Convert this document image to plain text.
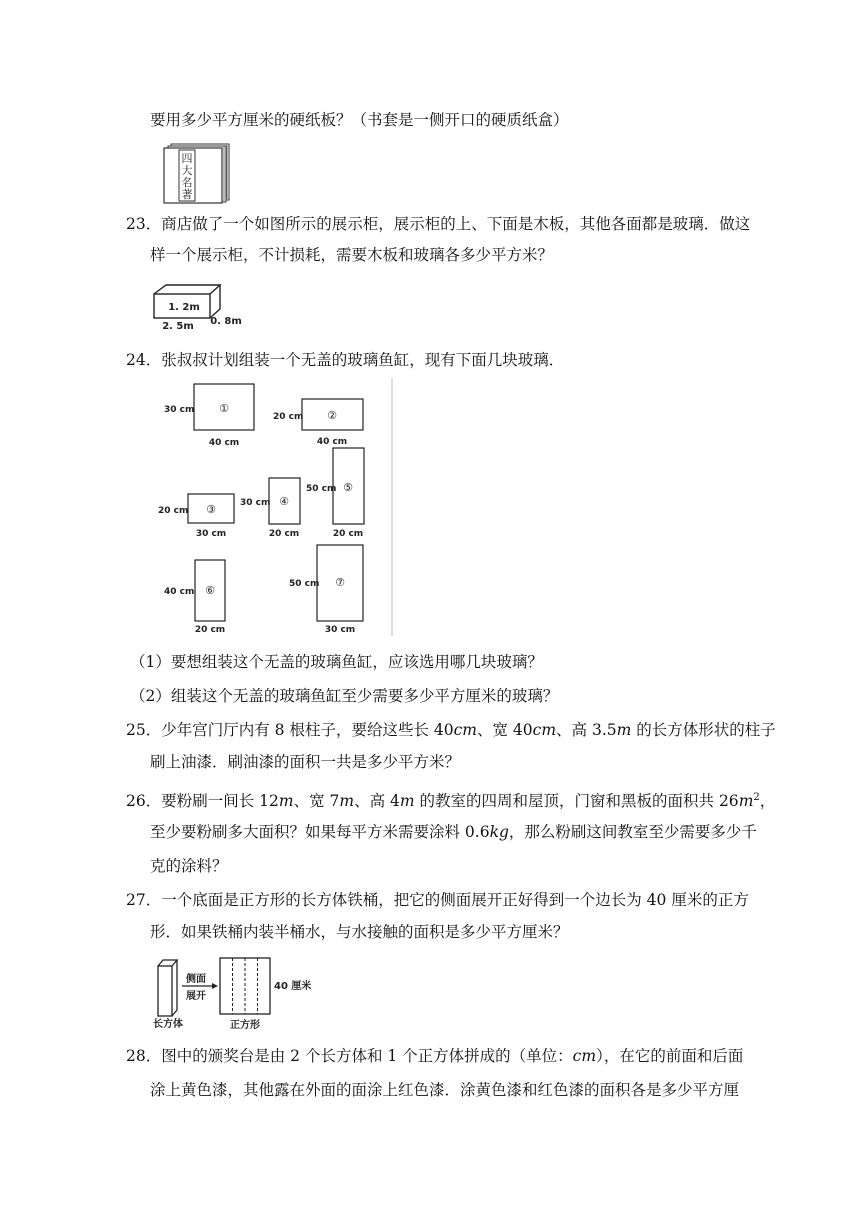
要用多少平方厘米的硬纸板？（书套是一侧开口的硬质纸盒）
四
大
名
著
23．商店做了一个如图所示的展示柜，展示柜的上、下面是木板，其他各面都是玻璃．做这
样一个展示柜，不计损耗，需要木板和玻璃各多少平方米？
1. 2m
2. 5m 0. 8m
24．张叔叔计划组装一个无盖的玻璃鱼缸，现有下面几块玻璃．
①
30 cm
40 cm
②
20 cm
40 cm
③
20 cm
30 cm
④
30 cm
20 cm
⑤
50 cm
20 cm
⑥
40 cm
20 cm
⑦
50 cm
30 cm
（1）要想组装这个无盖的玻璃鱼缸，应该选用哪几块玻璃？
（2）组装这个无盖的玻璃鱼缸至少需要多少平方厘米的玻璃？
25．少年宫门厅内有 8 根柱子，要给这些长 40cm、宽 40cm、高 3.5m 的长方体形状的柱子
刷上油漆．刷油漆的面积一共是多少平方米？
26．要粉刷一间长 12m、宽 7m、高 4m 的教室的四周和屋顶，门窗和黑板的面积共 $26m^2$，
至少要粉刷多大面积？如果每平方米需要涂料 0.6kg，那么粉刷这间教室至少需要多少千
克的涂料？
27．一个底面是正方形的长方体铁桶，把它的侧面展开正好得到一个边长为 40 厘米的正方
形．如果铁桶内装半桶水，与水接触的面积是多少平方厘米？
长方体
侧面
展开
40 厘米
正方形
28．图中的颁奖台是由 2 个长方体和 1 个正方体拼成的（单位：cm），在它的前面和后面
涂上黄色漆，其他露在外面的面涂上红色漆．涂黄色漆和红色漆的面积各是多少平方厘
